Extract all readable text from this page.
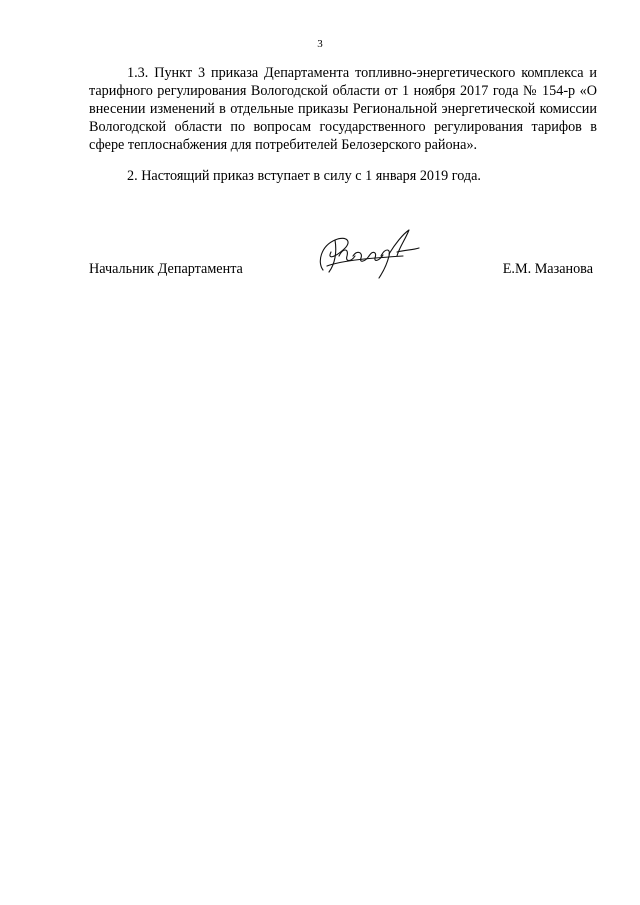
3
1.3. Пункт 3 приказа Департамента топливно-энергетического комплекса и тарифного регулирования Вологодской области от 1 ноября 2017 года № 154-р «О внесении изменений в отдельные приказы Региональной энергетической комиссии Вологодской области по вопросам государственного регулирования тарифов в сфере теплоснабжения для потребителей Белозерского района».
2. Настоящий приказ вступает в силу с 1 января 2019 года.
Начальник Департамента	Е.М. Мазанова
